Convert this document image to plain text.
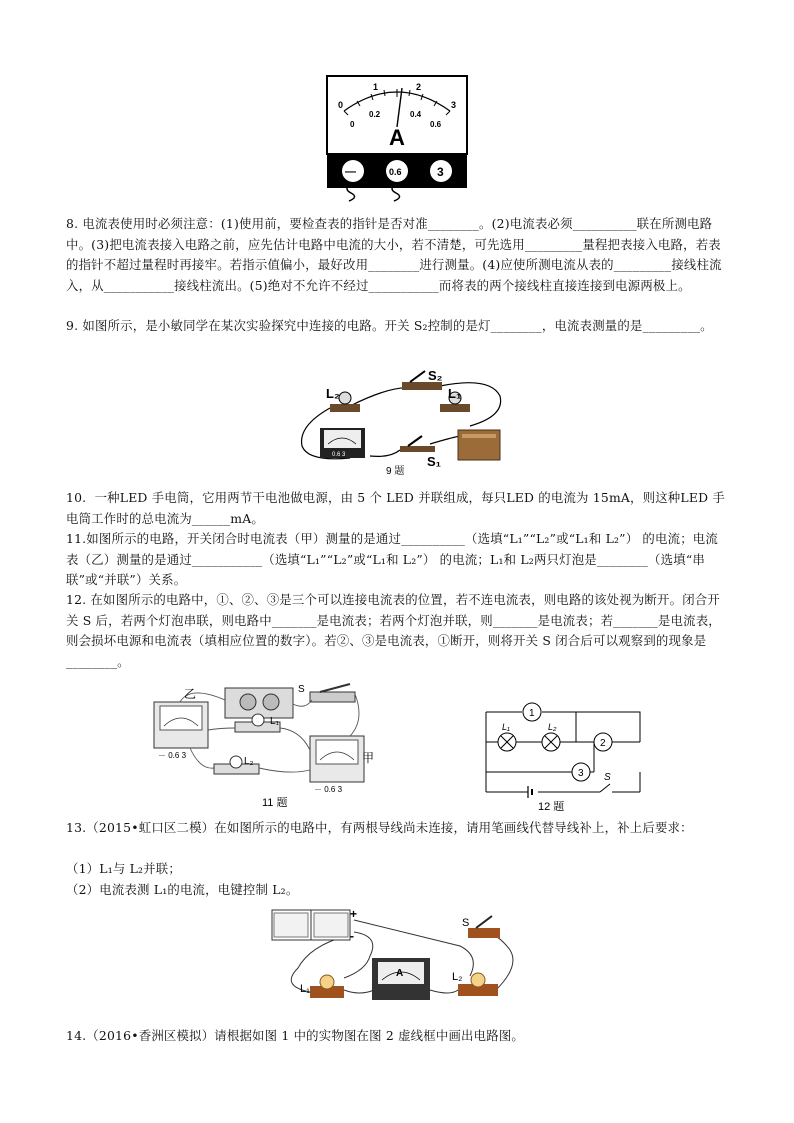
0
1	2
3
0
0.2	0.4
0.6
A
—	0.6	3
8. 电流表使用时必须注意：(1)使用前，要检查表的指针是否对准________。(2)电流表必须__________联在所测电路中。(3)把电流表接入电路之前，应先估计电路中电流的大小，若不清楚，可先选用_________量程把表接入电路，若表的指针不超过量程时再接牢。若指示值偏小，最好改用________进行测量。(4)应使所测电流从表的_________接线柱流入，从___________接线柱流出。(5)绝对不允许不经过___________而将表的两个接线柱直接连接到电源两极上。
9. 如图所示，是小敏同学在某次实验探究中连接的电路。开关 S₂控制的是灯________，电流表测量的是_________。
L₂
S₂
L₁
S₁
0.6 3
9 题
10.  一种LED 手电筒，它用两节干电池做电源，由 5 个 LED 并联组成，每只LED 的电流为 15mA，则这种LED 手电筒工作时的总电流为______mA。
11.如图所示的电路，开关闭合时电流表（甲）测量的是通过__________（选填“L₁”“L₂”或“L₁和 L₂”） 的电流；电流表（乙）测量的是通过___________（选填“L₁”“L₂”或“L₁和 L₂”） 的电流；L₁和 L₂两只灯泡是________（选填“串联”或“并联”）关系。
12. 在如图所示的电路中，①、②、③是三个可以连接电流表的位置，若不连电流表，则电路的该处视为断开。闭合开关 S 后，若两个灯泡串联，则电路中_______是电流表；若两个灯泡并联，则_______是电流表；若_______是电流表，则会损坏电源和电流表（填相应位置的数字）。若②、③是电流表，①断开，则将开关 S 闭合后可以观察到的现象是________。
乙	S
L₁
L₂	甲
－ 0.6 3
－ 0.6 3
11 题
L₁	L₂
1
2
3 S
12 题
13.（2015•虹口区二模）在如图所示的电路中，有两根导线尚未连接，请用笔画线代替导线补上，补上后要求：
（1）L₁与 L₂并联；
（2）电流表测 L₁的电流，电键控制 L₂。
+
-
S
L₁
L₂
A
14.（2016•香洲区模拟）请根据如图 1 中的实物图在图 2 虚线框中画出电路图。
